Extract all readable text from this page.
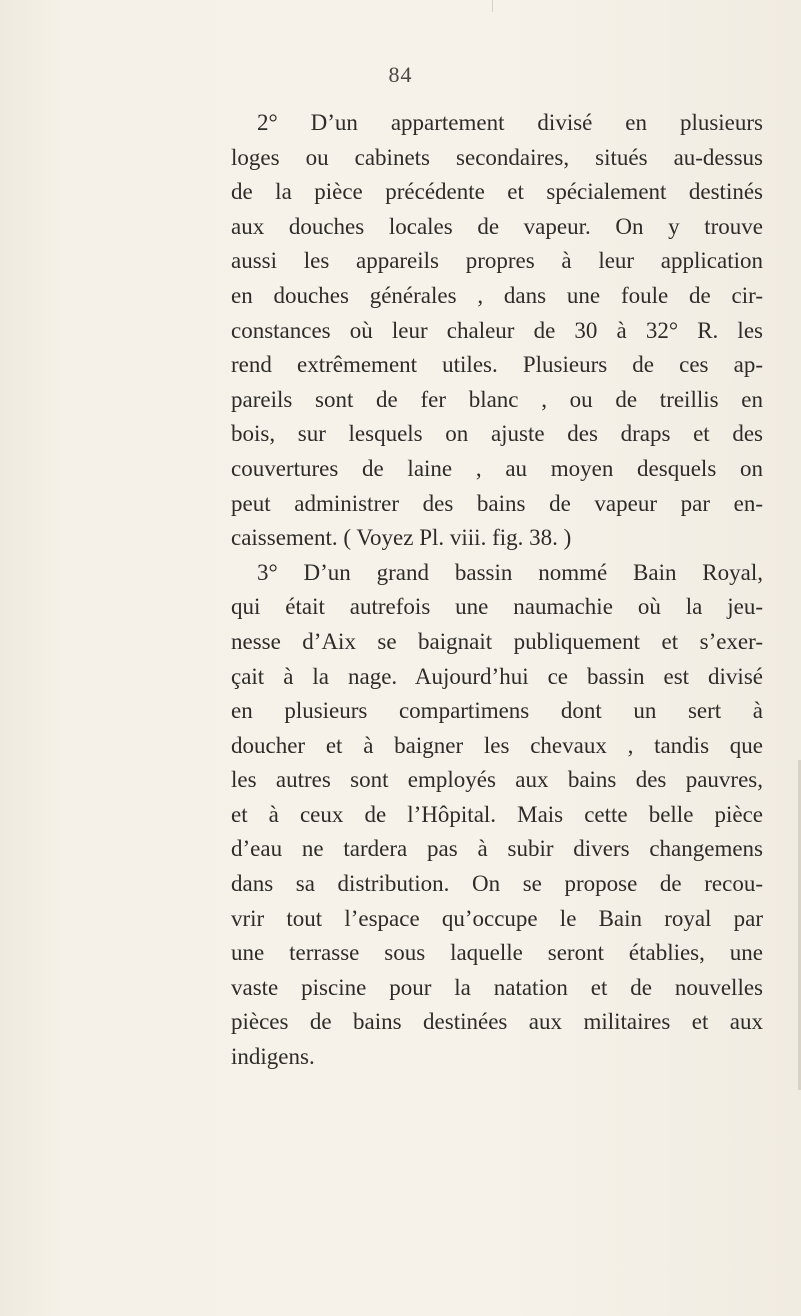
84
2° D’un appartement divisé en plusieurs
loges ou cabinets secondaires, situés au-dessus
de la pièce précédente et spécialement destinés
aux douches locales de vapeur. On y trouve
aussi les appareils propres à leur application
en douches générales , dans une foule de cir-
constances où leur chaleur de 30 à 32° R. les
rend extrêmement utiles. Plusieurs de ces ap-
pareils sont de fer blanc , ou de treillis en
bois, sur lesquels on ajuste des draps et des
couvertures de laine , au moyen desquels on
peut administrer des bains de vapeur par en-
caissement. ( Voyez Pl. viii. fig. 38. )
3° D’un grand bassin nommé Bain Royal,
qui était autrefois une naumachie où la jeu-
nesse d’Aix se baignait publiquement et s’exer-
çait à la nage. Aujourd’hui ce bassin est divisé
en plusieurs compartimens dont un sert à
doucher et à baigner les chevaux , tandis que
les autres sont employés aux bains des pauvres,
et à ceux de l’Hôpital. Mais cette belle pièce
d’eau ne tardera pas à subir divers changemens
dans sa distribution. On se propose de recou-
vrir tout l’espace qu’occupe le Bain royal par
une terrasse sous laquelle seront établies, une
vaste piscine pour la natation et de nouvelles
pièces de bains destinées aux militaires et aux
indigens.
